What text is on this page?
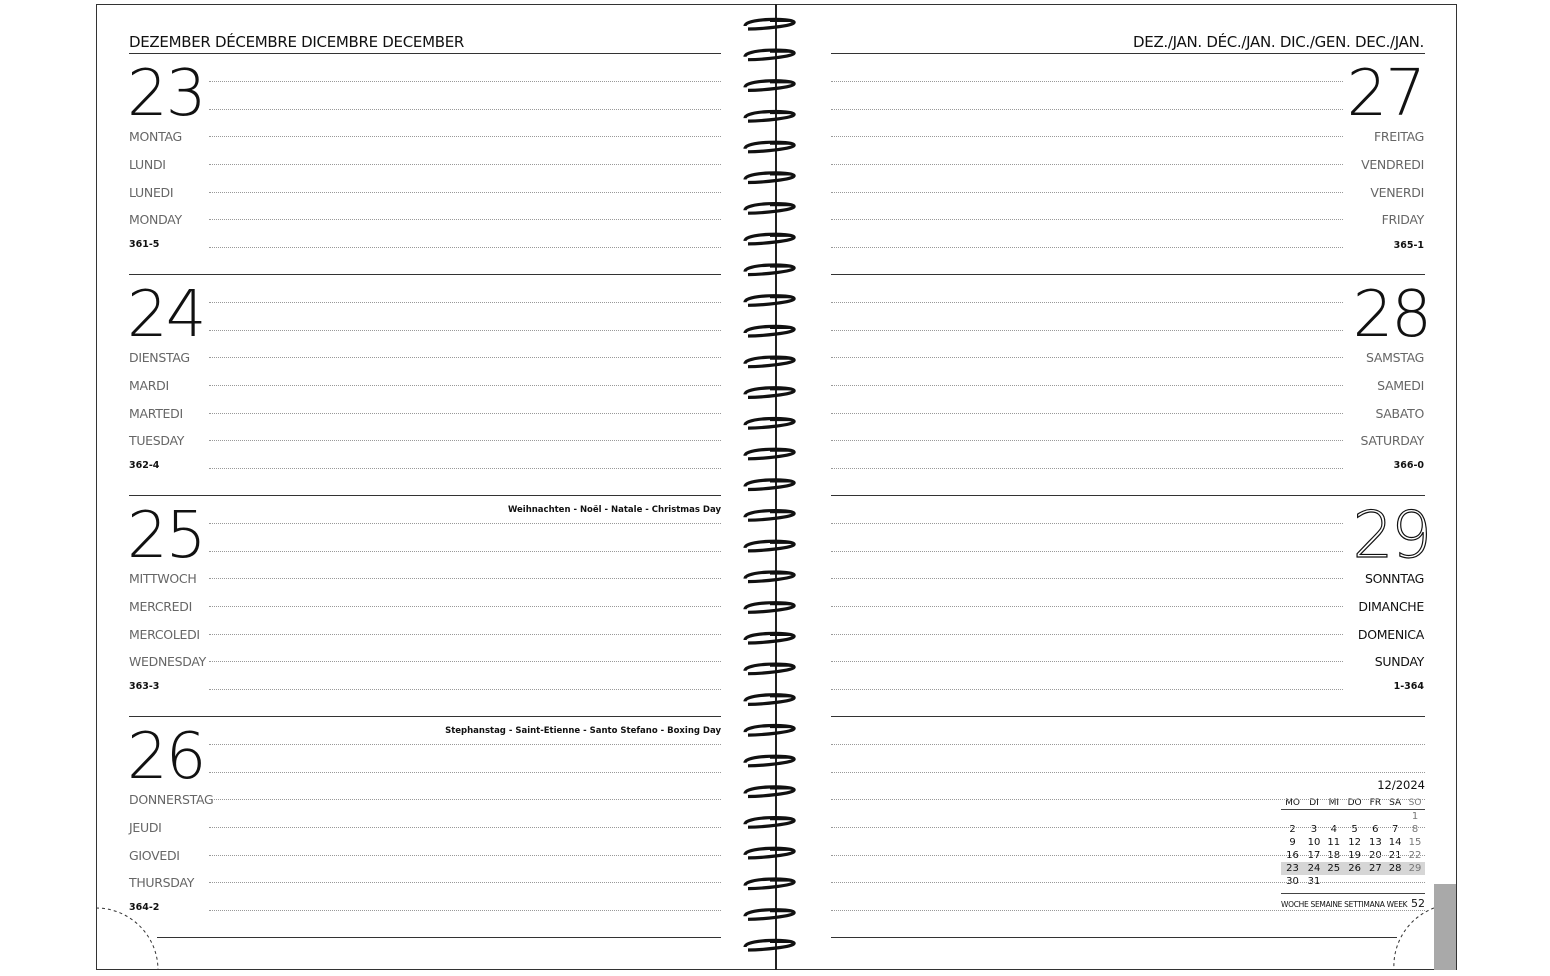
DEZEMBER DÉCEMBRE DICEMBRE DECEMBER
23
MONTAG
LUNDI
LUNEDI
MONDAY
361-5
24
DIENSTAG
MARDI
MARTEDI
TUESDAY
362-4
25	Weihnachten - Noël - Natale - Christmas Day
MITTWOCH
MERCREDI
MERCOLEDI
WEDNESDAY
363-3
26	Stephanstag - Saint-Etienne - Santo Stefano - Boxing Day
DONNERSTAG
JEUDI
GIOVEDI
THURSDAY
364-2
DEZ./JAN. DÉC./JAN. DIC./GEN. DEC./JAN.
27
FREITAG
VENDREDI
VENERDI
FRIDAY
365-1
28
SAMSTAG
SAMEDI
SABATO
SATURDAY
366-0
29
SONNTAG
DIMANCHE
DOMENICA
SUNDAY
1-364
12/2024
MO	DI	MI	DO	FR	SA	SO
						1
2	3	4	5	6	7	8
9	10	11	12	13	14	15
16	17	18	19	20	21	22
23	24	25	26	27	28	29
30	31					
WOCHE SEMAINE SETTIMANA WEEK 52
